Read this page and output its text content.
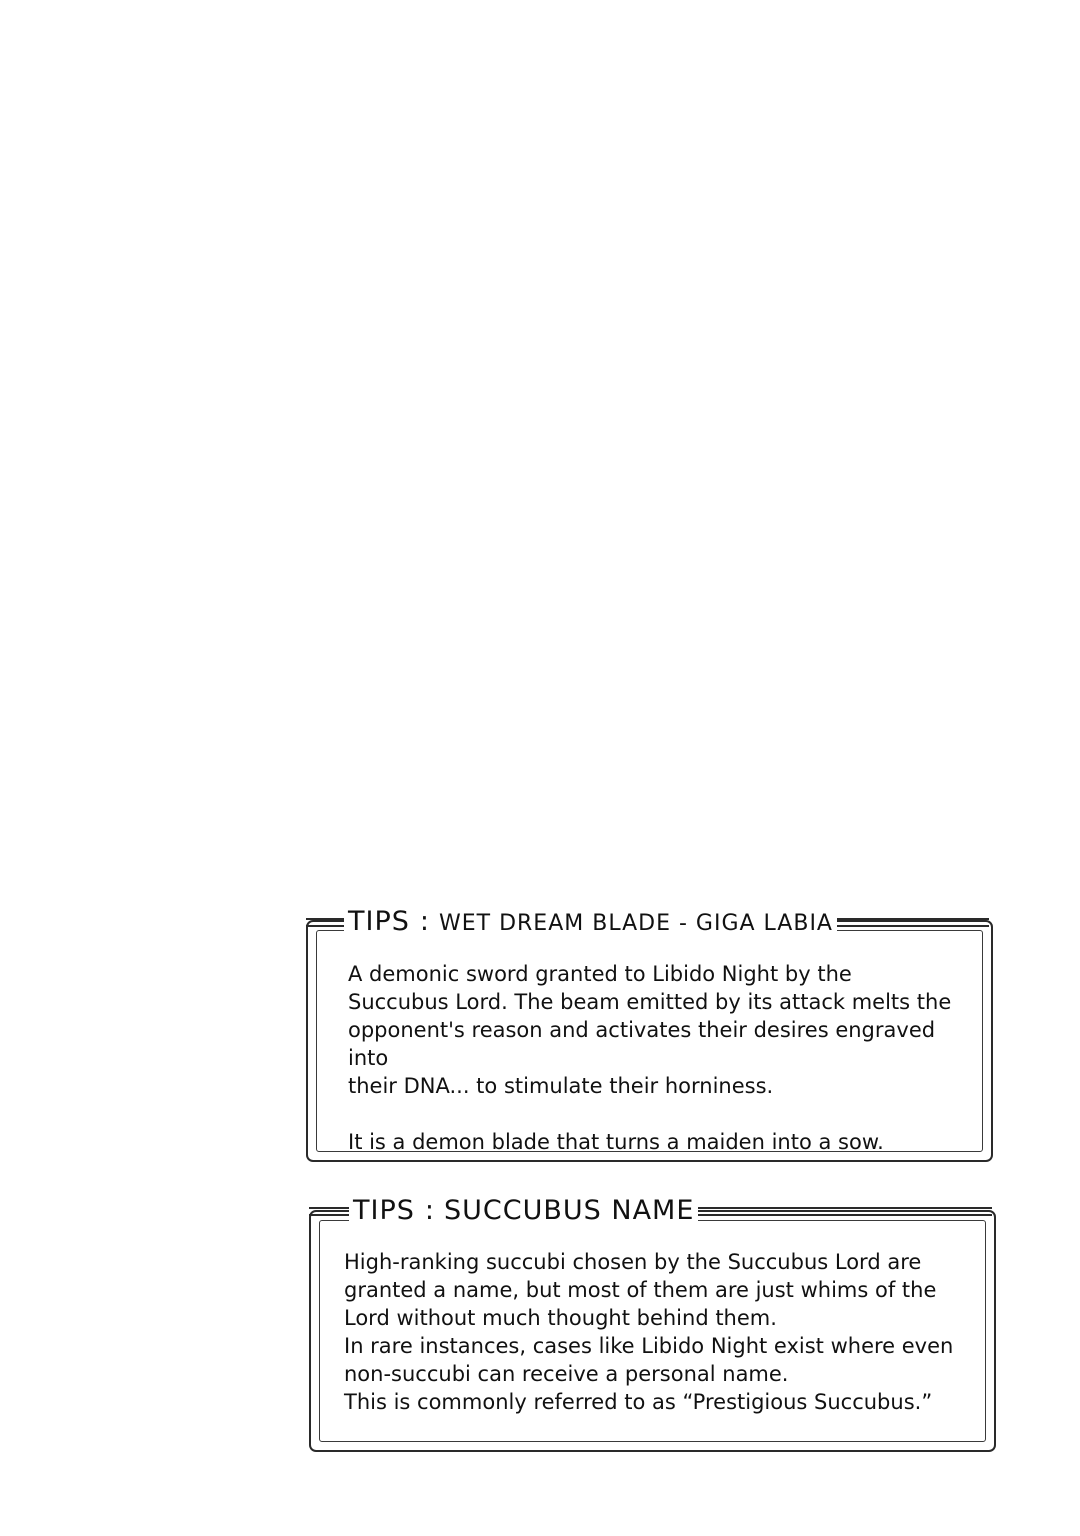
TIPS : WET DREAM BLADE - GIGA LABIA

A demonic sword granted to Libido Night by the
Succubus Lord. The beam emitted by its attack melts the
opponent's reason and activates their desires engraved into
their DNA... to stimulate their horniness.

It is a demon blade that turns a maiden into a sow.

TIPS : SUCCUBUS NAME

High-ranking succubi chosen by the Succubus Lord are
granted a name, but most of them are just whims of the
Lord without much thought behind them.
In rare instances, cases like Libido Night exist where even
non-succubi can receive a personal name.
This is commonly referred to as “Prestigious Succubus.”
